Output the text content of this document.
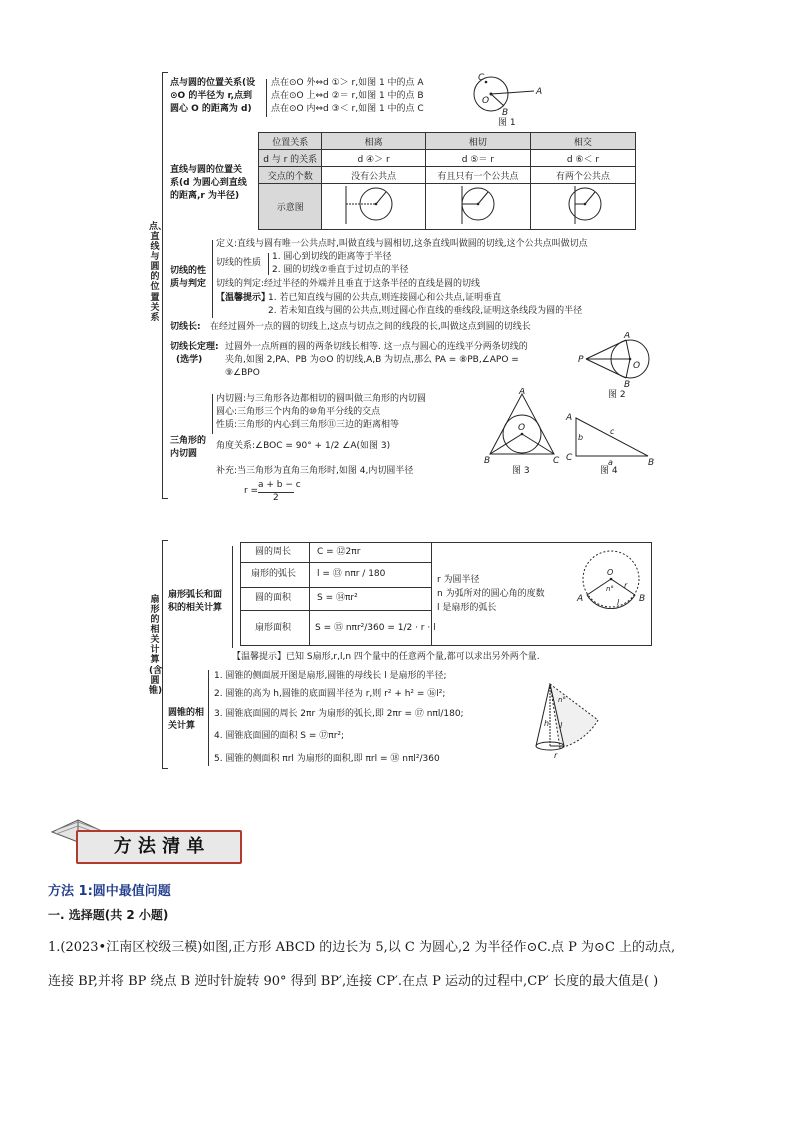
点、直线与圆的位置关系
点与圆的位置关系(设
⊙O 的半径为 r,点到
圆心 O 的距离为 d)
点在⊙O 外⇔d ①＞ r,如图 1 中的点 A
点在⊙O 上⇔d ②＝ r,如图 1 中的点 B
点在⊙O 内⇔d ③＜ r,如图 1 中的点 C
C
O
A
B
图 1
直线与圆的位置关
系(d 为圆心到直线
的距离,r 为半径)
位置关系	相离	相切	相交
d 与 r 的关系	d ④＞ r	d ⑤＝ r	d ⑥＜ r
交点的个数	没有公共点	有且只有一个公共点	有两个公共点
示意图			
切线的性
质与判定
定义:直线与圆有唯一公共点时,叫做直线与圆相切,这条直线叫做圆的切线,这个公共点叫做切点
切线的性质
1. 圆心到切线的距离等于半径
2. 圆的切线⑦垂直于过切点的半径
切线的判定:经过半径的外端并且垂直于这条半径的直线是圆的切线
【温馨提示】
1. 若已知直线与圆的公共点,则连接圆心和公共点,证明垂直
2. 若未知直线与圆的公共点,则过圆心作直线的垂线段,证明这条线段为圆的半径
切线长: 在经过圆外一点的圆的切线上,这点与切点之间的线段的长,叫做这点到圆的切线长
切线长定理:
(选学)
过圆外一点所画的圆的两条切线长相等. 这一点与圆心的连线平分两条切线的
夹角,如图 2,PA、PB 为⊙O 的切线,A,B 为切点,那么 PA = ⑧PB,∠APO =
⑨∠BPO
P
A
O
B
图 2
三角形的
内切圆
内切圆:与三角形各边都相切的圆叫做三角形的内切圆
圆心:三角形三个内角的⑩角平分线的交点
性质:三角形的内心到三角形⑪三边的距离相等
角度关系:∠BOC = 90° + 1/2 ∠A(如图 3)
补充:当三角形为直角三角形时,如图 4,内切圆半径
r =
a + b − c
2
A
O
B	C
图 3
A
C	B
b
c
a
图 4
扇形的相关计算(含圆锥)
扇形弧长和面
积的相关计算
圆的周长	C = ⑫2πr
扇形的弧长 l = ⑬ nπr / 180
圆的面积	S = ⑭πr²
扇形面积	S = ⑮ nπr²/360 = 1/2 · r · l
r 为圆半径
n 为弧所对的圆心角的度数
l 是扇形的弧长
O
n° r
l
A	B
【温馨提示】已知 S扇形,r,l,n 四个量中的任意两个量,都可以求出另外两个量.
圆锥的相
关计算
1. 圆锥的侧面展开图是扇形,圆锥的母线长 l 是扇形的半径;
2. 圆锥的高为 h,圆锥的底面圆半径为 r,则 r² + h² = ⑯l²;
3. 圆锥底面圆的周长 2πr 为扇形的弧长,即 2πr = ⑰ nπl/180;
4. 圆锥底面圆的面积 S = ⑰πr²;
5. 圆锥的侧面积 πrl 为扇形的面积,即 πrl = ⑱ nπl²/360
n°
h l
r
方 法 清 单
方法 1:圆中最值问题
一. 选择题(共 2 小题)
1.(2023•江南区校级三模)如图,正方形 ABCD 的边长为 5,以 C 为圆心,2 为半径作⊙C.点 P 为⊙C 上的动点,
连接 BP,并将 BP 绕点 B 逆时针旋转 90° 得到 BP′,连接 CP′.在点 P 运动的过程中,CP′ 长度的最大值是( )
